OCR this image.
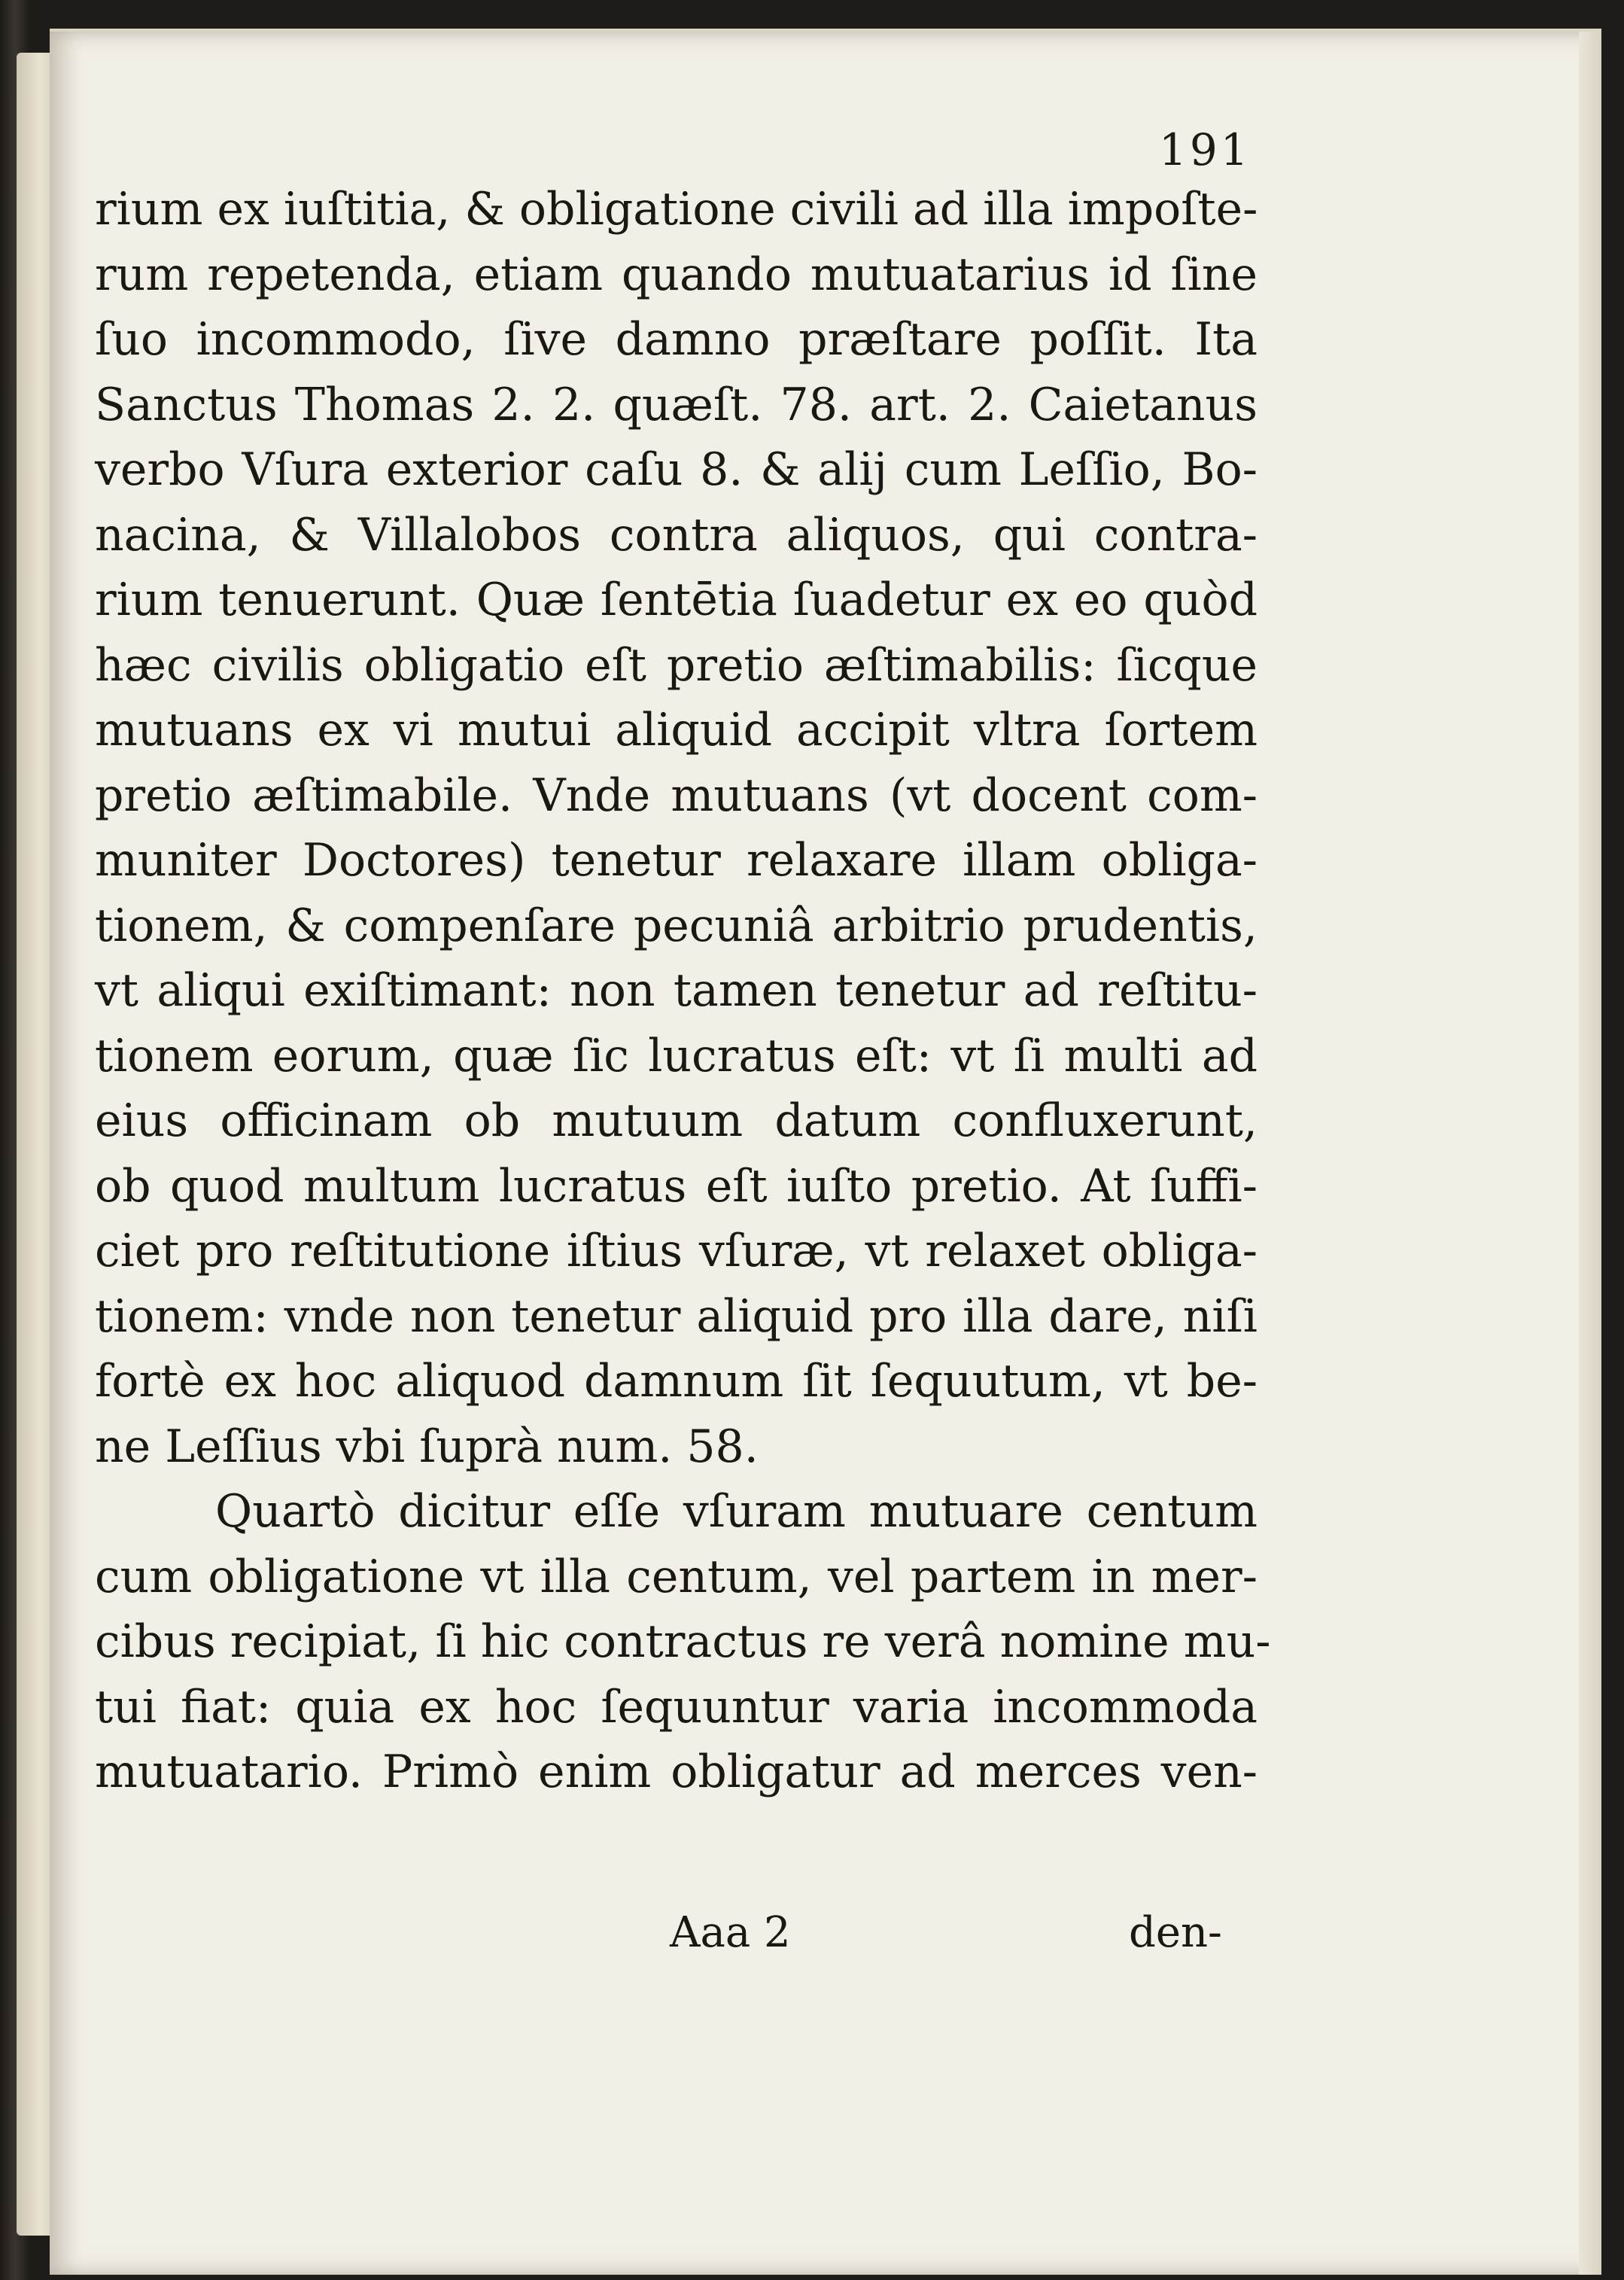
191
rium ex iuſtitia, & obligatione civili ad illa impoſte-
rum repetenda, etiam quando mutuatarius id ſine
ſuo incommodo, ſive damno præſtare poſſit. Ita
Sanctus Thomas 2. 2. quæſt. 78. art. 2. Caietanus
verbo Vſura exterior caſu 8. & alij cum Leſſio, Bo-
nacina, & Villalobos contra aliquos, qui contra-
rium tenuerunt. Quæ ſentētia ſuadetur ex eo quòd
hæc civilis obligatio eſt pretio æſtimabilis: ſicque
mutuans ex vi mutui aliquid accipit vltra ſortem
pretio æſtimabile. Vnde mutuans (vt docent com-
muniter Doctores) tenetur relaxare illam obliga-
tionem, & compenſare pecuniâ arbitrio prudentis,
vt aliqui exiſtimant: non tamen tenetur ad reſtitu-
tionem eorum, quæ ſic lucratus eſt: vt ſi multi ad
eius officinam ob mutuum datum confluxerunt,
ob quod multum lucratus eſt iuſto pretio. At ſuffi-
ciet pro reſtitutione iſtius vſuræ, vt relaxet obliga-
tionem: vnde non tenetur aliquid pro illa dare, niſi
fortè ex hoc aliquod damnum ſit ſequutum, vt be-
ne Leſſius vbi ſuprà num. 58.
Quartò dicitur eſſe vſuram mutuare centum
cum obligatione vt illa centum, vel partem in mer-
cibus recipiat, ſi hic contractus re verâ nomine mu-
tui fiat: quia ex hoc ſequuntur varia incommoda
mutuatario. Primò enim obligatur ad merces ven-
Aaa 2	den-
